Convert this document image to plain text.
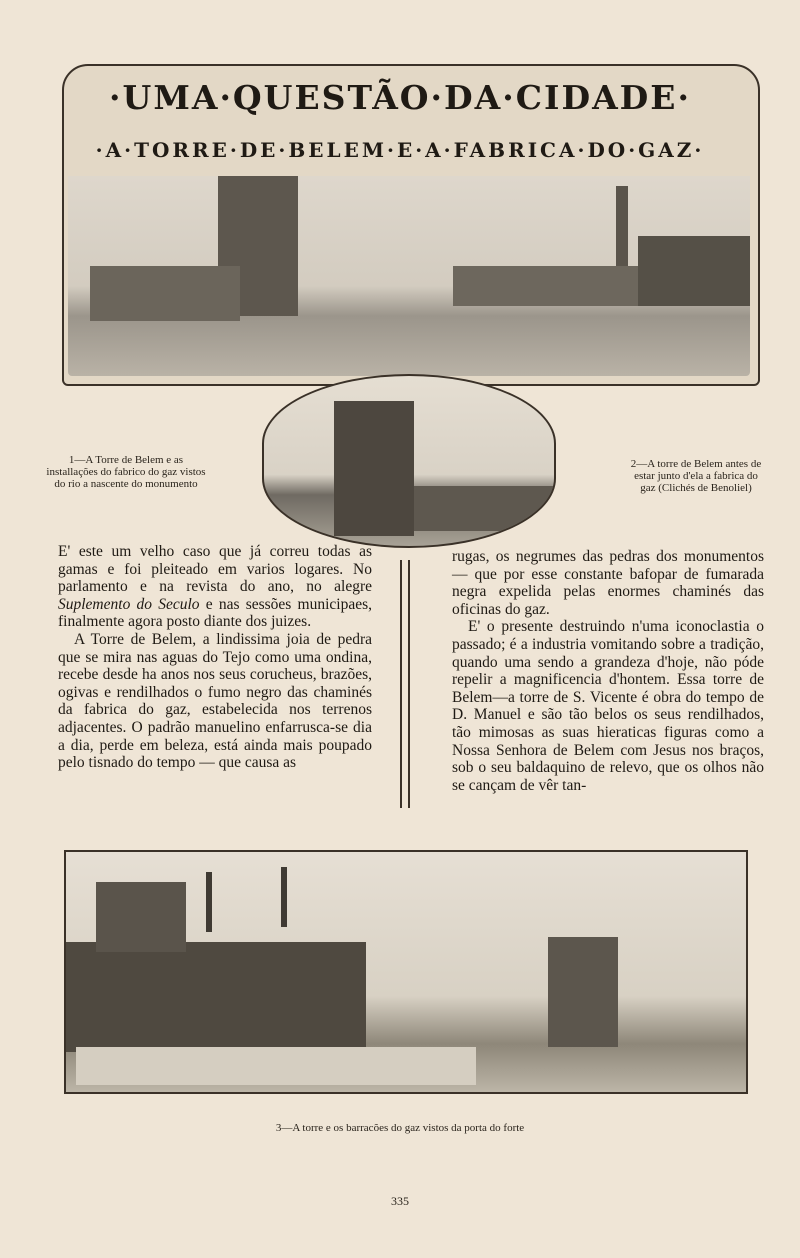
·UMA·QUESTÃO·DA·CIDADE·
·A·TORRE·DE·BELEM·E·A·FABRICA·DO·GAZ·
1—A Torre de Belem e as installações do fabrico do gaz vistos do rio a nascente do monumento
2—A torre de Belem antes de estar junto d'ela a fabrica do gaz (Clichés de Benoliel)

E' este um velho caso que já correu todas as gamas e foi pleiteado em varios logares. No parlamento e na revista do ano, no alegre Suplemento do Seculo e nas sessões municipaes, finalmente agora posto diante dos juizes.

A Torre de Belem, a lindissima joia de pedra que se mira nas aguas do Tejo como uma ondina, recebe desde ha anos nos seus corucheus, brazões, ogivas e rendilhados o fumo negro das chaminés da fabrica do gaz, estabelecida nos terrenos adjacentes. O padrão manuelino enfarrusca-se dia a dia, perde em beleza, está ainda mais poupado pelo tisnado do tempo — que causa as

rugas, os negrumes das pedras dos monumentos — que por esse constante bafорar de fumarada negra expelida pelas enormes chaminés das oficinas do gaz.

E' o presente destruindo n'uma iconoclastia o passado; é a industria vomitando sobre a tradição, quando uma sendo a grandeza d'hoje, não póde repelir a magnificencia d'hontem. Essa torre de Belem—a torre de S. Vicente é obra do tempo de D. Manuel e são tão belos os seus rendilhados, tão mimosas as suas hieraticas figuras como a Nossa Senhora de Belem com Jesus nos braços, sob o seu baldaquino de relevo, que os olhos não se cançam de vêr tan-

3—A torre e os barracões do gaz vistos da porta do forte
335
